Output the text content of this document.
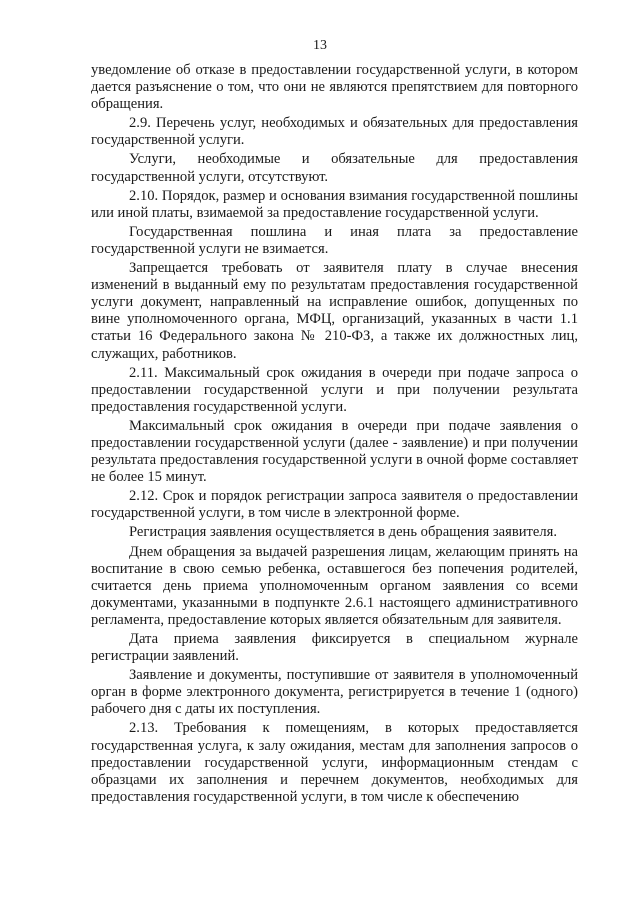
13

уведомление об отказе в предоставлении государственной услуги, в котором дается разъяснение о том, что они не являются препятствием для повторного обращения.

2.9. Перечень услуг, необходимых и обязательных для предоставления государственной услуги.

Услуги, необходимые и обязательные для предоставления государственной услуги, отсутствуют.

2.10. Порядок, размер и основания взимания государственной пошлины или иной платы, взимаемой за предоставление государственной услуги.

Государственная пошлина и иная плата за предоставление государственной услуги не взимается.

Запрещается требовать от заявителя плату в случае внесения изменений в выданный ему по результатам предоставления государственной услуги документ, направленный на исправление ошибок, допущенных по вине уполномоченного органа, МФЦ, организаций, указанных в части 1.1 статьи 16 Федерального закона № 210-ФЗ, а также их должностных лиц, служащих, работников.

2.11. Максимальный срок ожидания в очереди при подаче запроса о предоставлении государственной услуги и при получении результата предоставления государственной услуги.

Максимальный срок ожидания в очереди при подаче заявления о предоставлении государственной услуги (далее - заявление) и при получении результата предоставления государственной услуги в очной форме составляет не более 15 минут.

2.12. Срок и порядок регистрации запроса заявителя о предоставлении государственной услуги, в том числе в электронной форме.

Регистрация заявления осуществляется в день обращения заявителя.

Днем обращения за выдачей разрешения лицам, желающим принять на воспитание в свою семью ребенка, оставшегося без попечения родителей, считается день приема уполномоченным органом заявления со всеми документами, указанными в подпункте 2.6.1 настоящего административного регламента, предоставление которых является обязательным для заявителя.

Дата приема заявления фиксируется в специальном журнале регистрации заявлений.

Заявление и документы, поступившие от заявителя в уполномоченный орган в форме электронного документа, регистрируется в течение 1 (одного) рабочего дня с даты их поступления.

2.13. Требования к помещениям, в которых предоставляется государственная услуга, к залу ожидания, местам для заполнения запросов о предоставлении государственной услуги, информационным стендам с образцами их заполнения и перечнем документов, необходимых для предоставления государственной услуги, в том числе к обеспечению
